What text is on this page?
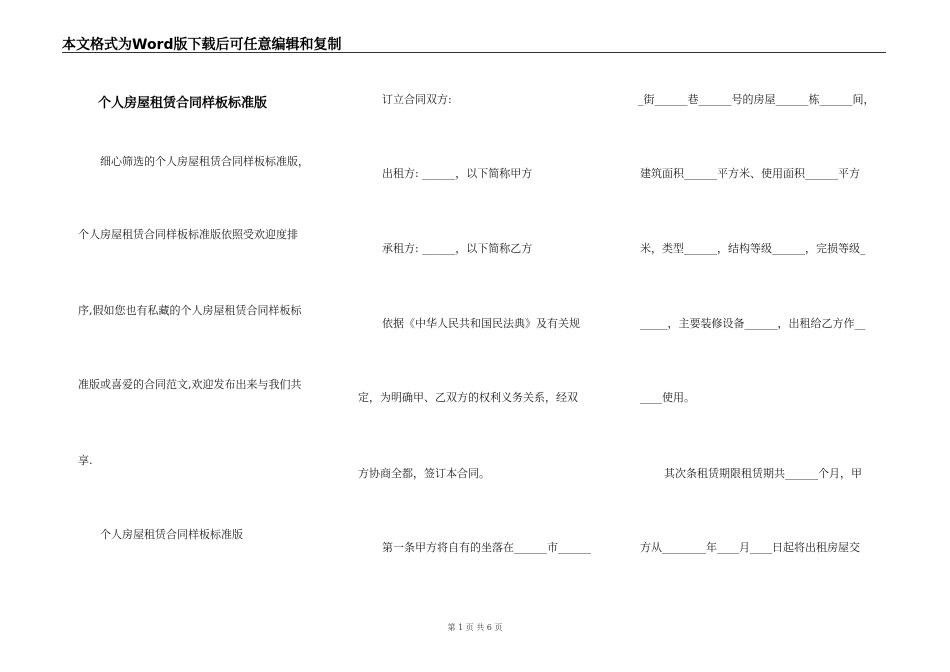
本文格式为Word版下载后可任意编辑和复制
个人房屋租赁合同样板标准版
细心筛选的个人房屋租赁合同样板标准版，
个人房屋租赁合同样板标准版依照受欢迎度排
序,假如您也有私藏的个人房屋租赁合同样板标
准版或喜爱的合同范文,欢迎发布出来与我们共
享.
个人房屋租赁合同样板标准版
订立合同双方:
出租方: ______，以下简称甲方
承租方: ______，以下简称乙方
依据《中华人民共和国民法典》及有关规
定，为明确甲、乙双方的权利义务关系，经双
方协商全都，签订本合同。
第一条甲方将自有的坐落在______市______
_街______巷______号的房屋______栋______间，
建筑面积______平方米、使用面积______平方
米，类型______，结构等级______，完损等级_
_____，主要装修设备______，出租给乙方作__
____使用。
其次条租赁期限租赁期共______个月，甲
方从________年____月____日起将出租房屋交
第 1 页 共 6 页
